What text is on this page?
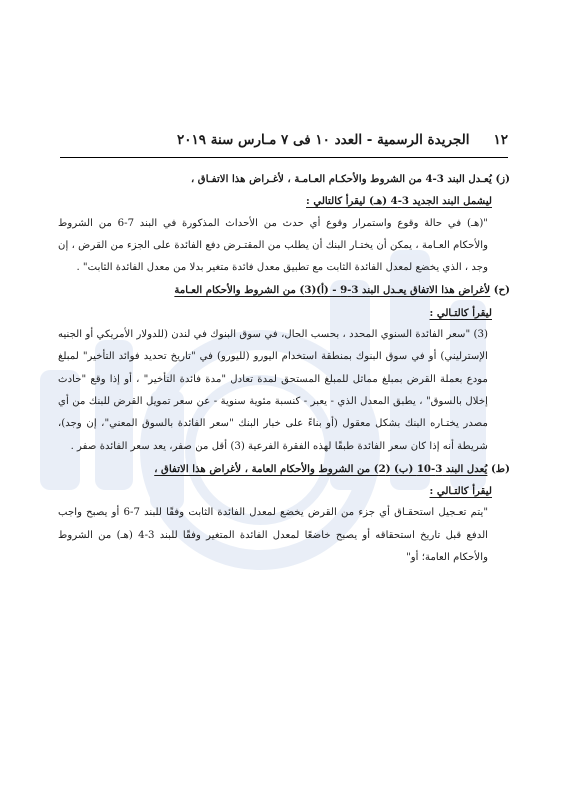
١٢
الجريدة الرسمية - العدد ١٠ فى ٧ مـارس سنة ٢٠١٩

(ز) يُعـدل البند 3-4 من الشروط والأحكـام العـامـة ، لأغـراض هذا الاتفـاق ،

ليشمل البند الجديد 3-4 (هـ) ليقرأ كالتالي :

"(هـ) في حالة وقوع واستمرار وقوع أي حدث من الأحداث المذكورة في البند 7-6 من الشروط والأحكام العـامة ، يمكن أن يختـار البنك أن يطلب من المقتـرض دفع الفائدة على الجزء من القرض ، إن وجد ، الذي يخضع لمعدل الفائدة الثابت مع تطبيق معدل فائدة متغير بدلا من معدل الفائدة الثابت" .

(ح) لأغراض هذا الاتفاق يعـدل البند 3-9 - (أ)(3) من الشروط والأحكام العـامة

ليقرأ كالتـالي :

(3) "سعر الفائدة السنوي المحدد ، بحسب الحال، في سوق البنوك في لندن (للدولار الأمريكي أو الجنيه الإسترليني) أو في سوق البنوك بمنطقة استخدام اليورو (لليورو) في "تاريخ تحديد فوائد التأخير" لمبلغ مودع بعملة القرض بمبلغ مماثل للمبلغ المستحق لمدة تعادل "مدة فائدة التأخير" ، أو إذا وقع "حادث إخلال بالسوق" ، يطبق المعدل الذي - يعبر - كنسبة مئوية سنوية - عن سعر تمويل القرض للبنك من أي مصدر يختـاره البنك بشكل معقول (أو بناءً على خبار البنك "سعر الفائدة بالسوق المعني"، إن وجد)، شريطة أنه إذا كان سعر الفائدة طبقًا لهذه الفقرة الفرعية (3) أقل من صفر، يعد سعر الفائدة صفر .

(ط) يُعدل البند 3-10 (ب) (2) من الشروط والأحكام العامة ، لأغراض هذا الاتفاق ،

ليقرأ كالتـالي :

"يتم تعـجيل استحقـاق أي جزء من القرض يخضع لمعدل الفائدة الثابت وفقًا للبند 7-6 أو يصبح واجب الدفع قبل تاريخ استحقاقه أو يصبح خاضعًا لمعدل الفائدة المتغير وفقًا للبند 3-4 (هـ) من الشروط والأحكام العامة؛ أو"
